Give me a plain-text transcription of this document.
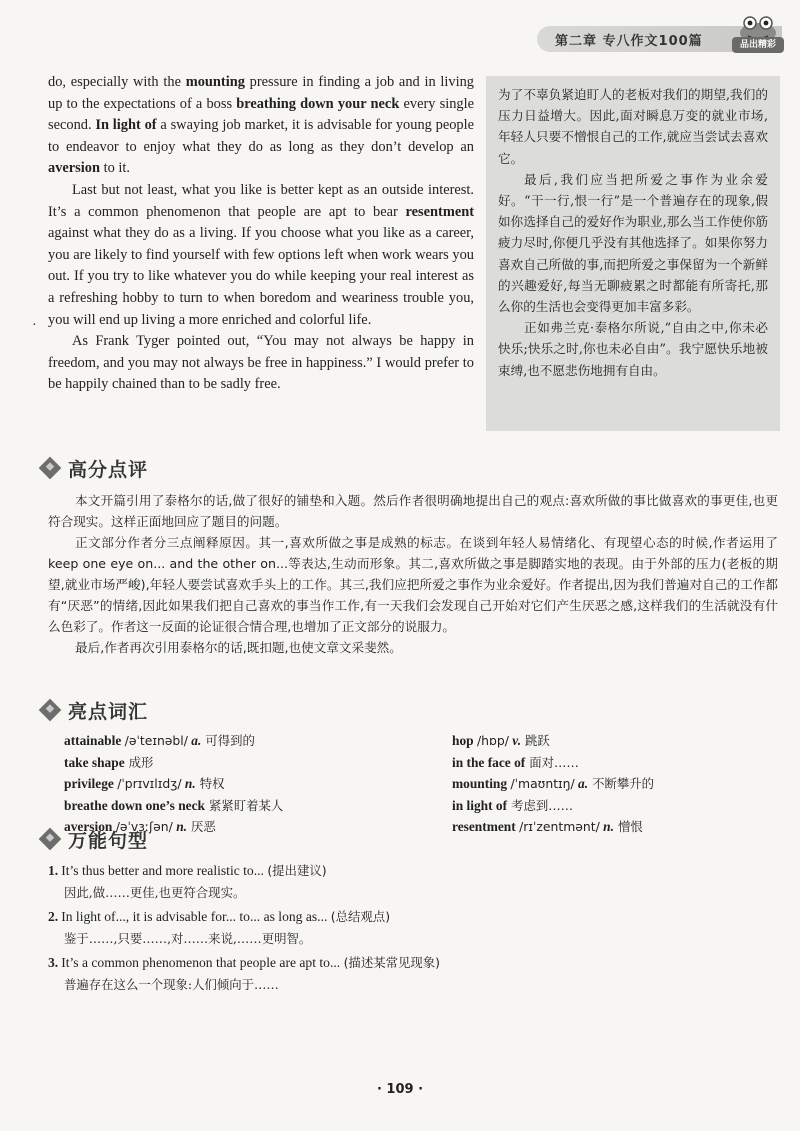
第二章 专八作文100篇	品出精彩

do, especially with the mounting pressure in finding a job and in living up to the expectations of a boss breathing down your neck every single second. In light of a swaying job market, it is advisable for young people to endeavor to enjoy what they do as long as they don’t develop an aversion to it.

Last but not least, what you like is better kept as an outside interest. It’s a common phenomenon that people are apt to bear resentment against what they do as a living. If you choose what you like as a career, you are likely to find yourself with few options left when work wears you out. If you try to like whatever you do while keeping your real interest as a refreshing hobby to turn to when boredom and weariness trouble you, you will end up living a more enriched and colorful life.

As Frank Tyger pointed out, “You may not always be happy in freedom, and you may not always be free in happiness.” I would prefer to be happily chained than to be sadly free.

·

为了不辜负紧迫盯人的老板对我们的期望,我们的压力日益增大。因此,面对瞬息万变的就业市场,年轻人只要不憎恨自己的工作,就应当尝试去喜欢它。

最后,我们应当把所爱之事作为业余爱好。“干一行,恨一行”是一个普遍存在的现象,假如你选择自己的爱好作为职业,那么当工作使你筋疲力尽时,你便几乎没有其他选择了。如果你努力喜欢自己所做的事,而把所爱之事保留为一个新鲜的兴趣爱好,每当无聊疲累之时都能有所寄托,那么你的生活也会变得更加丰富多彩。

正如弗兰克·泰格尔所说,“自由之中,你未必快乐;快乐之时,你也未必自由”。我宁愿快乐地被束缚,也不愿悲伤地拥有自由。

高分点评

本文开篇引用了泰格尔的话,做了很好的铺垫和入题。然后作者很明确地提出自己的观点:喜欢所做的事比做喜欢的事更佳,也更符合现实。这样正面地回应了题目的问题。

正文部分作者分三点阐释原因。其一,喜欢所做之事是成熟的标志。在谈到年轻人易情绪化、有现望心态的时候,作者运用了 keep one eye on... and the other on...等表达,生动而形象。其二,喜欢所做之事是脚踏实地的表现。由于外部的压力(老板的期望,就业市场严峻),年轻人要尝试喜欢手头上的工作。其三,我们应把所爱之事作为业余爱好。作者提出,因为我们普遍对自己的工作都有“厌恶”的情绪,因此如果我们把自己喜欢的事当作工作,有一天我们会发现自己开始对它们产生厌恶之感,这样我们的生活就没有什么色彩了。作者这一反面的论证很合情合理,也增加了正文部分的说服力。

最后,作者再次引用泰格尔的话,既扣题,也使文章文采斐然。

亮点词汇
attainable /əˈteɪnəbl/ a. 可得到的
take shape 成形
privilege /ˈprɪvɪlɪdʒ/ n. 特权
breathe down one’s neck 紧紧盯着某人
aversion /əˈvɜːʃən/ n. 厌恶
hop /hɒp/ v. 跳跃
in the face of 面对……
mounting /ˈmaʊntɪŋ/ a. 不断攀升的
in light of 考虑到……
resentment /rɪˈzentmənt/ n. 憎恨
万能句型
1. It’s thus better and more realistic to... (提出建议)
因此,做……更佳,也更符合现实。
2. In light of..., it is advisable for... to... as long as... (总结观点)
鉴于……,只要……,对……来说,……更明智。
3. It’s a common phenomenon that people are apt to... (描述某常见现象)
普遍存在这么一个现象:人们倾向于……
· 109 ·
